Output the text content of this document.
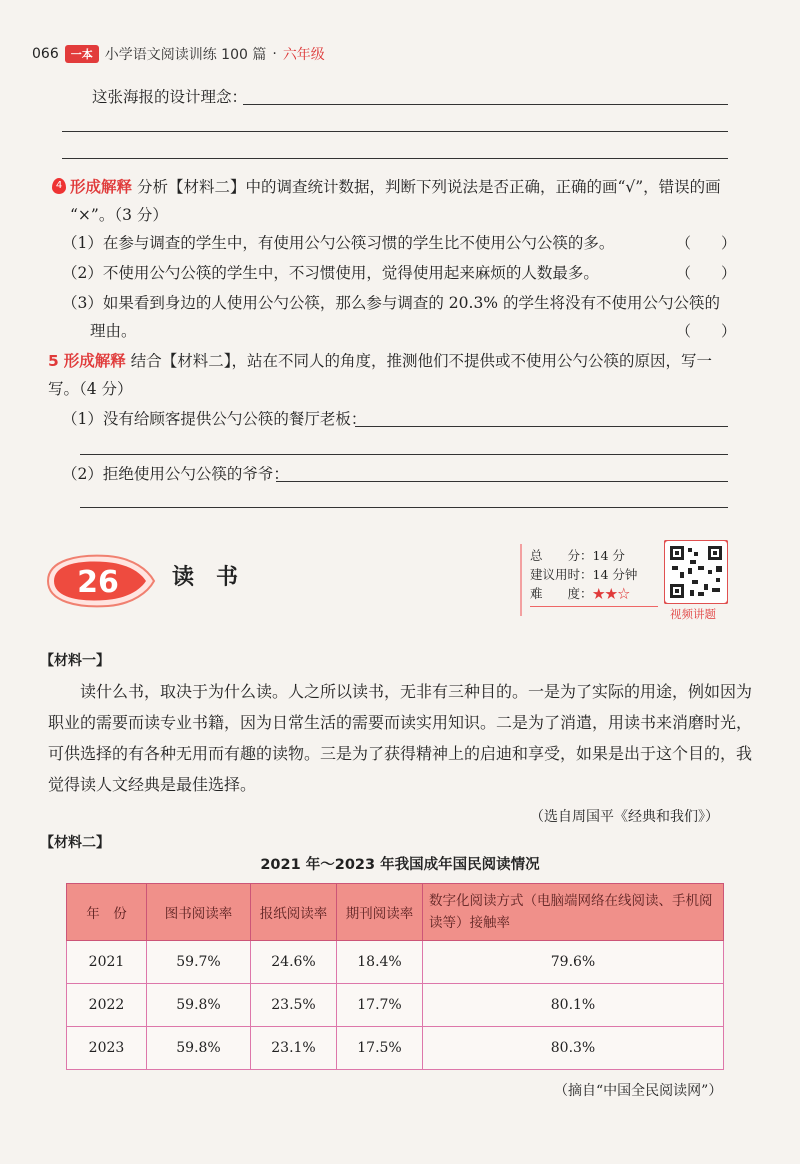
066	一本 小学语文阅读训练 100 篇 · 六年级
这张海报的设计理念：
4 形成解释 分析【材料二】中的调查统计数据，判断下列说法是否正确，正确的画“√”，错误的画
“×”。（3 分）
（1）在参与调查的学生中，有使用公勺公筷习惯的学生比不使用公勺公筷的多。	（　　）
（2）不使用公勺公筷的学生中，不习惯使用，觉得使用起来麻烦的人数最多。	（　　）
（3）如果看到身边的人使用公勺公筷，那么参与调查的 20.3% 的学生将没有不使用公勺公筷的
理由。	（　　）
5 形成解释 结合【材料二】，站在不同人的角度，推测他们不提供或不使用公勺公筷的原因，写一
写。（4 分）
（1）没有给顾客提供公勺公筷的餐厅老板：
（2）拒绝使用公勺公筷的爷爷：
26 读　书
总　　分：14 分
建议用时：14 分钟
难　　度：★★☆
视频讲题
【材料一】
读什么书，取决于为什么读。人之所以读书，无非有三种目的。一是为了实际的用途，例如因为职业的需要而读专业书籍，因为日常生活的需要而读实用知识。二是为了消遣，用读书来消磨时光，可供选择的有各种无用而有趣的读物。三是为了获得精神上的启迪和享受，如果是出于这个目的，我觉得读人文经典是最佳选择。
（选自周国平《经典和我们》）
【材料二】
2021 年～2023 年我国成年国民阅读情况
年　份	图书阅读率	报纸阅读率	期刊阅读率	数字化阅读方式（电脑端网络在线阅读、手机阅读等）接触率
2021	59.7%	24.6%	18.4%	79.6%
2022	59.8%	23.5%	17.7%	80.1%
2023	59.8%	23.1%	17.5%	80.3%
（摘自“中国全民阅读网”）
